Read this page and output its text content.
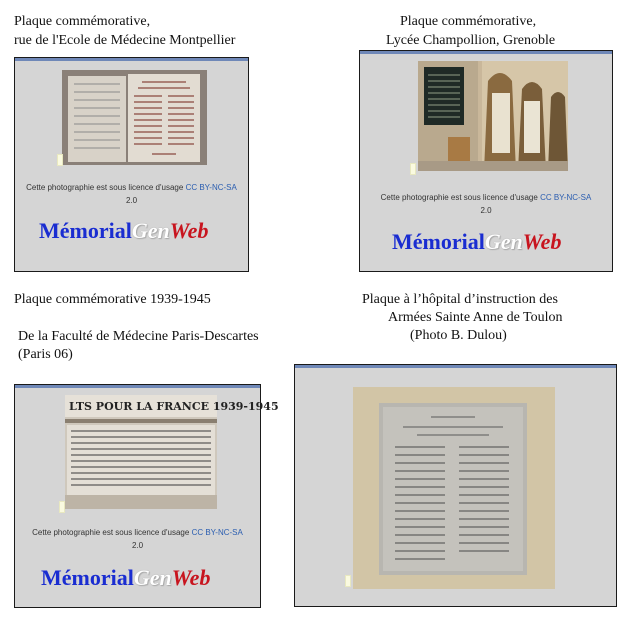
Plaque commémorative,
rue de l'Ecole de Médecine Montpellier
Plaque commémorative,
Lycée Champollion, Grenoble
Plaque commémorative 1939-1945
De la Faculté de Médecine Paris-Descartes
(Paris 06)
Plaque à l’hôpital d’instruction des
Armées Sainte Anne de Toulon
(Photo B. Dulou)
Cette photographie est sous licence d'usage CC BY-NC-SA
2.0
MémorialGenWeb
Cette photographie est sous licence d'usage CC BY-NC-SA
2.0
MémorialGenWeb
LTS POUR LA FRANCE 1939-1945
Cette photographie est sous licence d'usage CC BY-NC-SA
2.0
MémorialGenWeb
